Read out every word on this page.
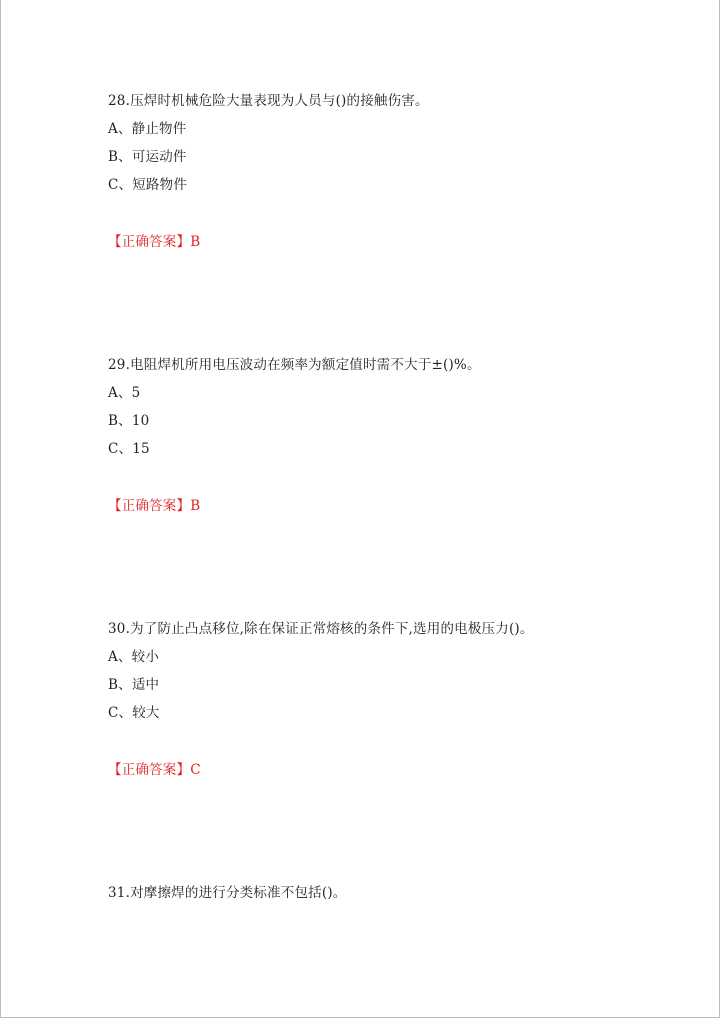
28.压焊时机械危险大量表现为人员与()的接触伤害。
A、静止物件
B、可运动件
C、短路物件
【正确答案】B
29.电阻焊机所用电压波动在频率为额定值时需不大于±()%。
A、5
B、10
C、15
【正确答案】B
30.为了防止凸点移位,除在保证正常熔核的条件下,选用的电极压力()。
A、较小
B、适中
C、较大
【正确答案】C
31.对摩擦焊的进行分类标准不包括()。
